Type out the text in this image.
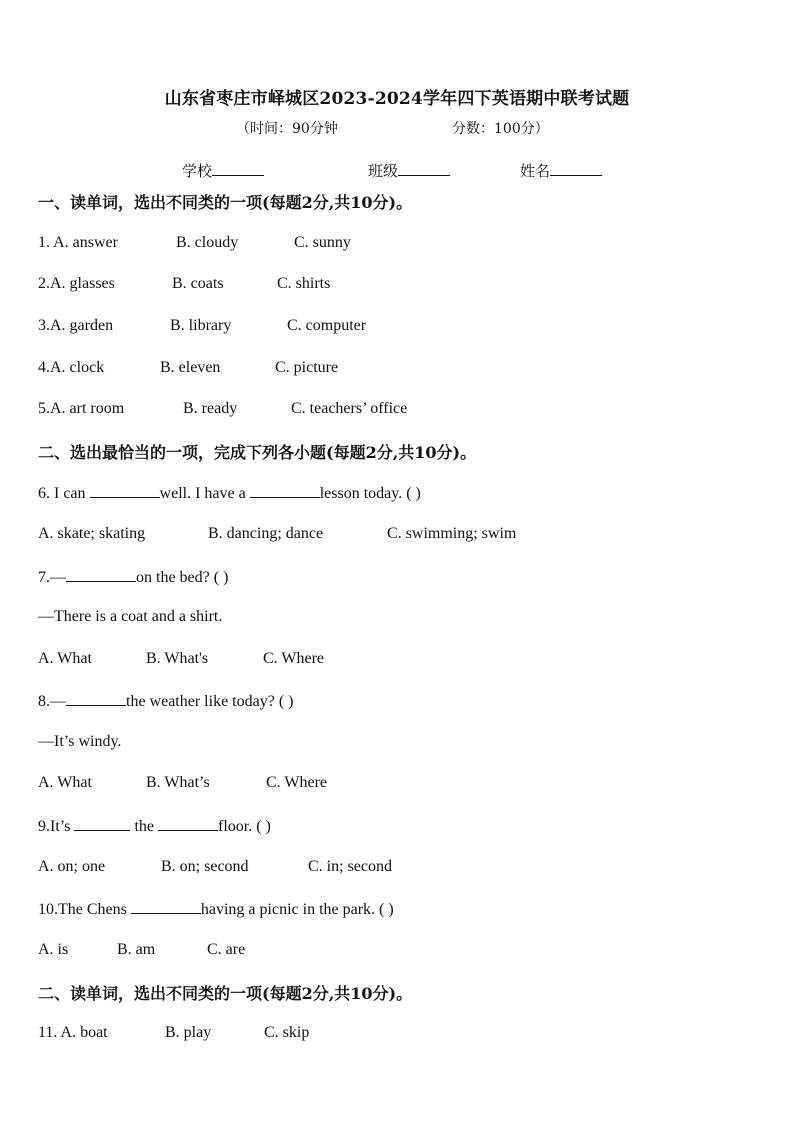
山东省枣庄市峄城区2023-2024学年四下英语期中联考试题
（时间：90分钟	分数：100分）
学校	班级	姓名
一、读单词，选出不同类的一项(每题2分,共10分)。
1. A. answer	B. cloudy	C. sunny
2.A. glasses	B. coats	C. shirts
3.A. garden	B. library	C. computer
4.A. clock	B. eleven	C. picture
5.A. art room	B. ready	C. teachers’ office
二、选出最恰当的一项，完成下列各小题(每题2分,共10分)。
6. I can	well. I have a	lesson today. ( )
A. skate; skating	B. dancing; dance	C. swimming; swim
7.—	on the bed? ( )
—There is a coat and a shirt.
A. What	B. What's	C. Where
8.—	the weather like today? ( )
—It’s windy.
A. What	B. What’s	C. Where
9.It’s	the	floor. ( )
A. on; one	B. on; second	C. in; second
10.The Chens	having a picnic in the park. ( )
A. is	B. am	C. are
二、读单词，选出不同类的一项(每题2分,共10分)。
11. A. boat	B. play	C. skip
